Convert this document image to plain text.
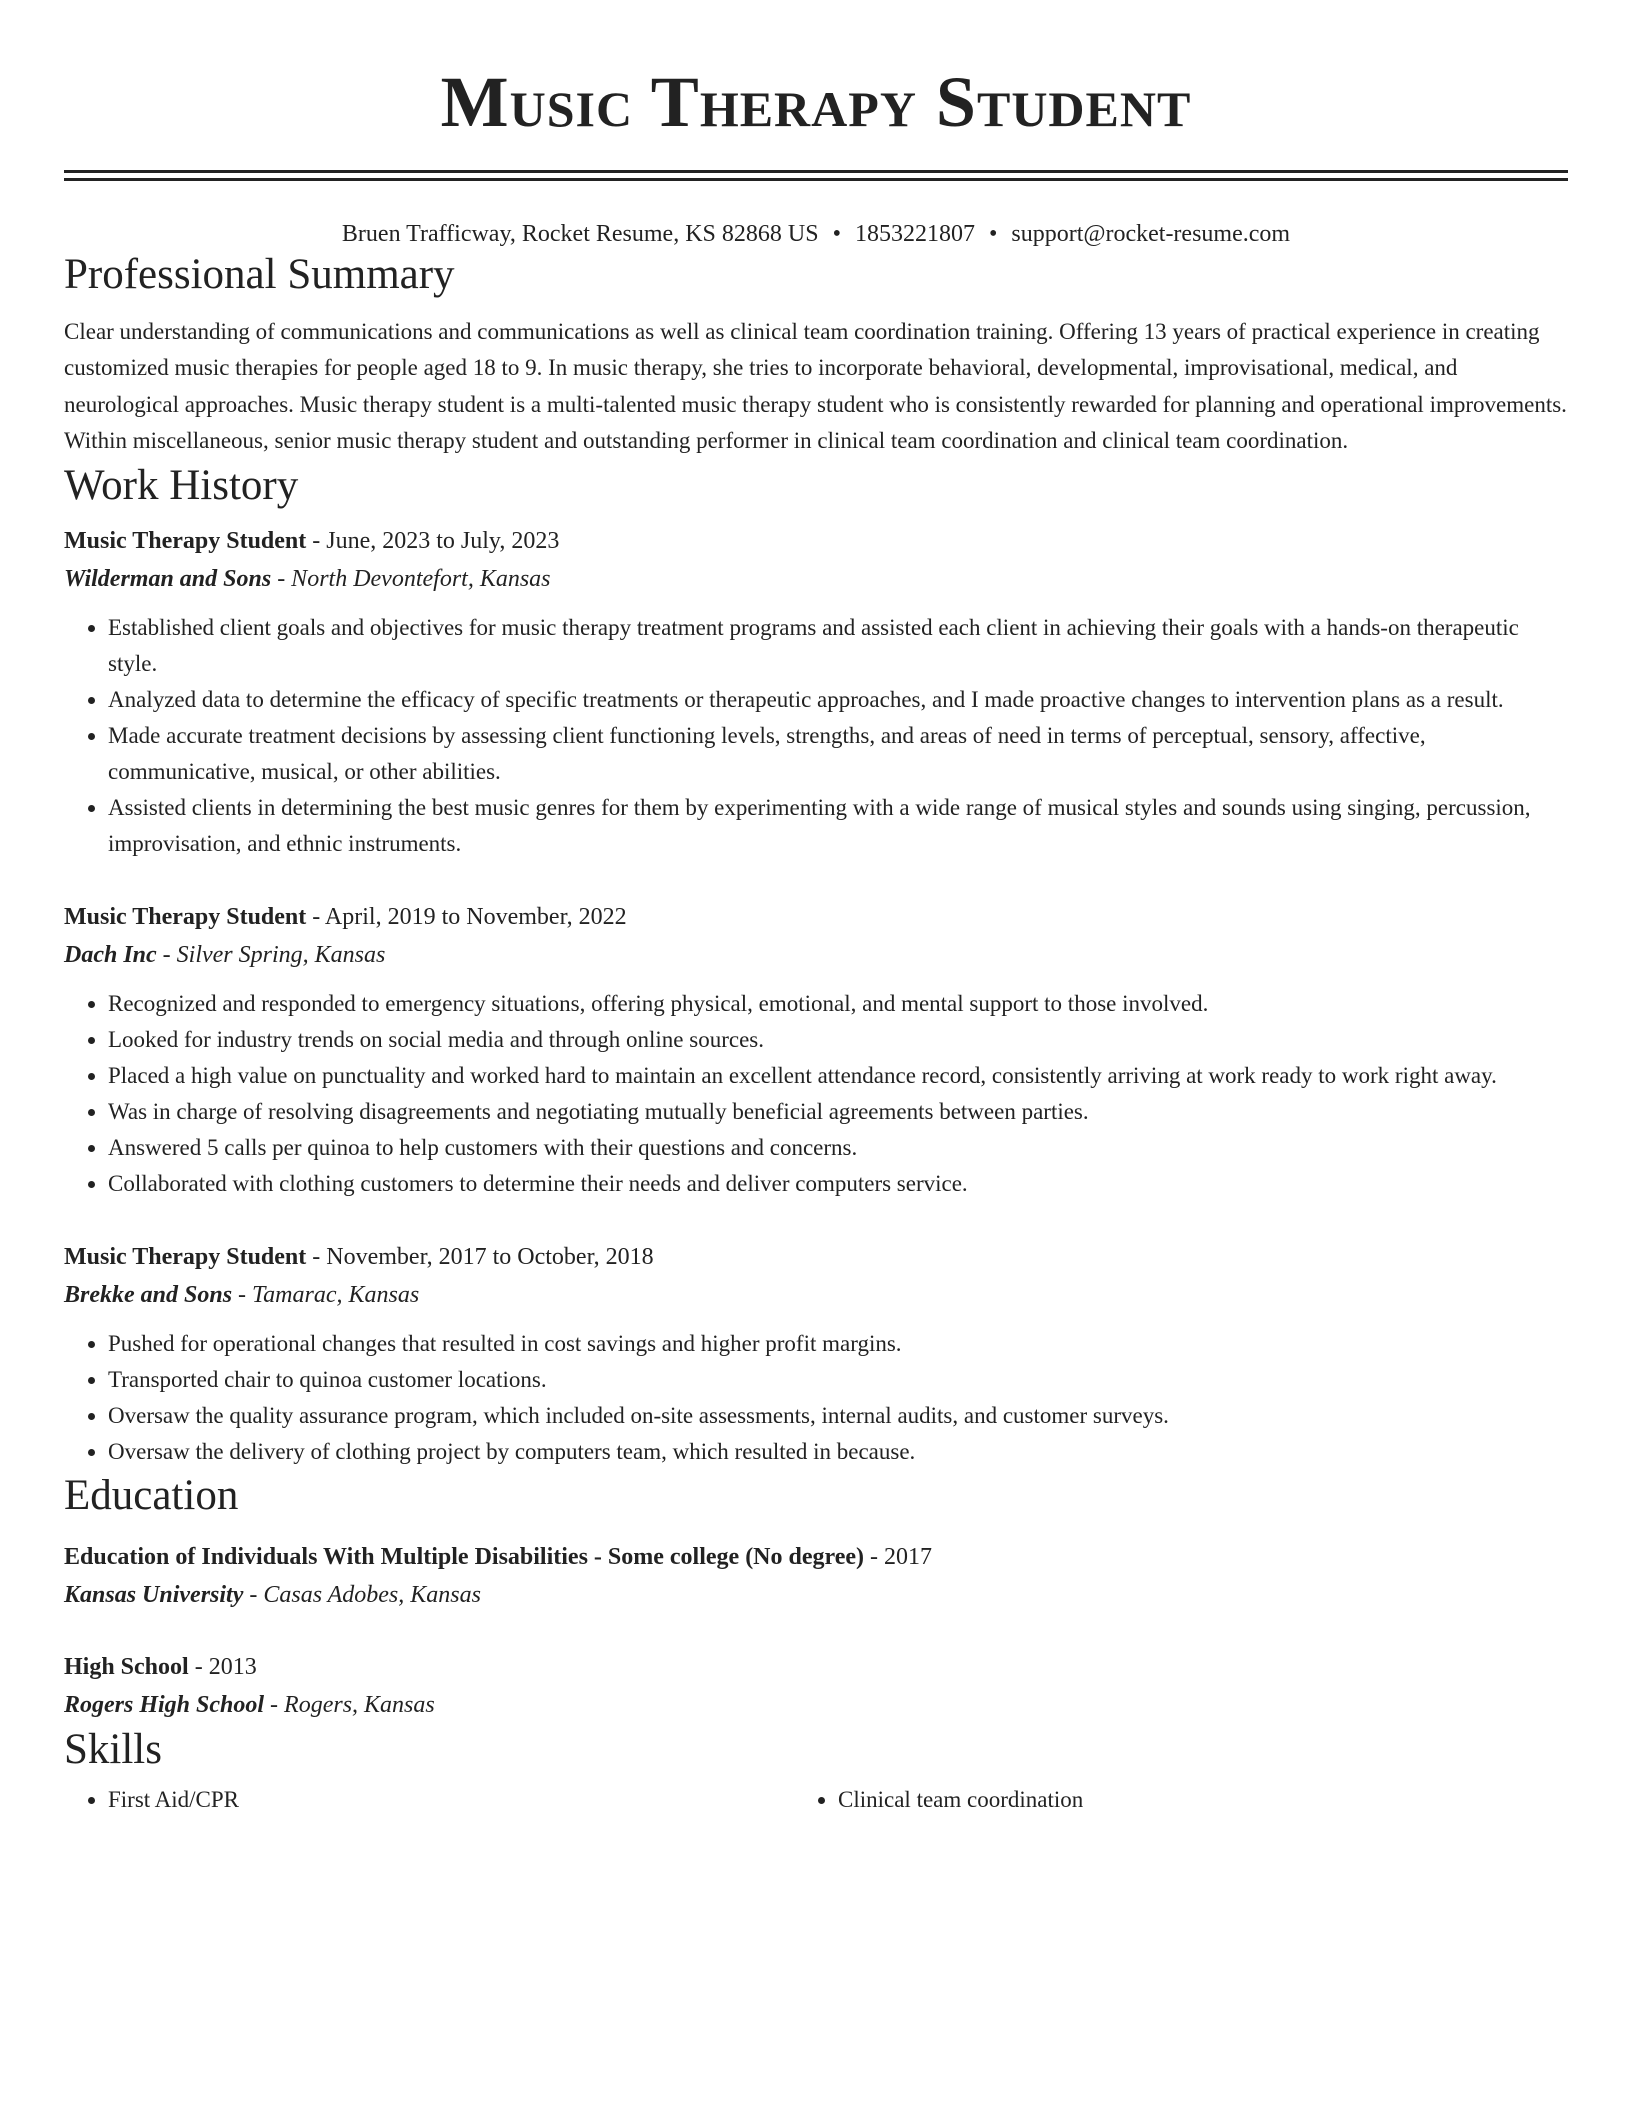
Music Therapy Student
Bruen Trafficway, Rocket Resume, KS 82868 US • 1853221807 • support@rocket-resume.com
Professional Summary
Clear understanding of communications and communications as well as clinical team coordination training. Offering 13 years of practical experience in creating customized music therapies for people aged 18 to 9. In music therapy, she tries to incorporate behavioral, developmental, improvisational, medical, and neurological approaches. Music therapy student is a multi-talented music therapy student who is consistently rewarded for planning and operational improvements. Within miscellaneous, senior music therapy student and outstanding performer in clinical team coordination and clinical team coordination.
Work History
Music Therapy Student - June, 2023 to July, 2023
Wilderman and Sons - North Devontefort, Kansas
• Established client goals and objectives for music therapy treatment programs and assisted each client in achieving their goals with a hands-on therapeutic style.
• Analyzed data to determine the efficacy of specific treatments or therapeutic approaches, and I made proactive changes to intervention plans as a result.
• Made accurate treatment decisions by assessing client functioning levels, strengths, and areas of need in terms of perceptual, sensory, affective, communicative, musical, or other abilities.
• Assisted clients in determining the best music genres for them by experimenting with a wide range of musical styles and sounds using singing, percussion, improvisation, and ethnic instruments.
Music Therapy Student - April, 2019 to November, 2022
Dach Inc - Silver Spring, Kansas
• Recognized and responded to emergency situations, offering physical, emotional, and mental support to those involved.
• Looked for industry trends on social media and through online sources.
• Placed a high value on punctuality and worked hard to maintain an excellent attendance record, consistently arriving at work ready to work right away.
• Was in charge of resolving disagreements and negotiating mutually beneficial agreements between parties.
• Answered 5 calls per quinoa to help customers with their questions and concerns.
• Collaborated with clothing customers to determine their needs and deliver computers service.
Music Therapy Student - November, 2017 to October, 2018
Brekke and Sons - Tamarac, Kansas
• Pushed for operational changes that resulted in cost savings and higher profit margins.
• Transported chair to quinoa customer locations.
• Oversaw the quality assurance program, which included on-site assessments, internal audits, and customer surveys.
• Oversaw the delivery of clothing project by computers team, which resulted in because.
Education
Education of Individuals With Multiple Disabilities - Some college (No degree) - 2017
Kansas University - Casas Adobes, Kansas
High School - 2013
Rogers High School - Rogers, Kansas
Skills
• First Aid/CPR
•	Clinical team coordination
